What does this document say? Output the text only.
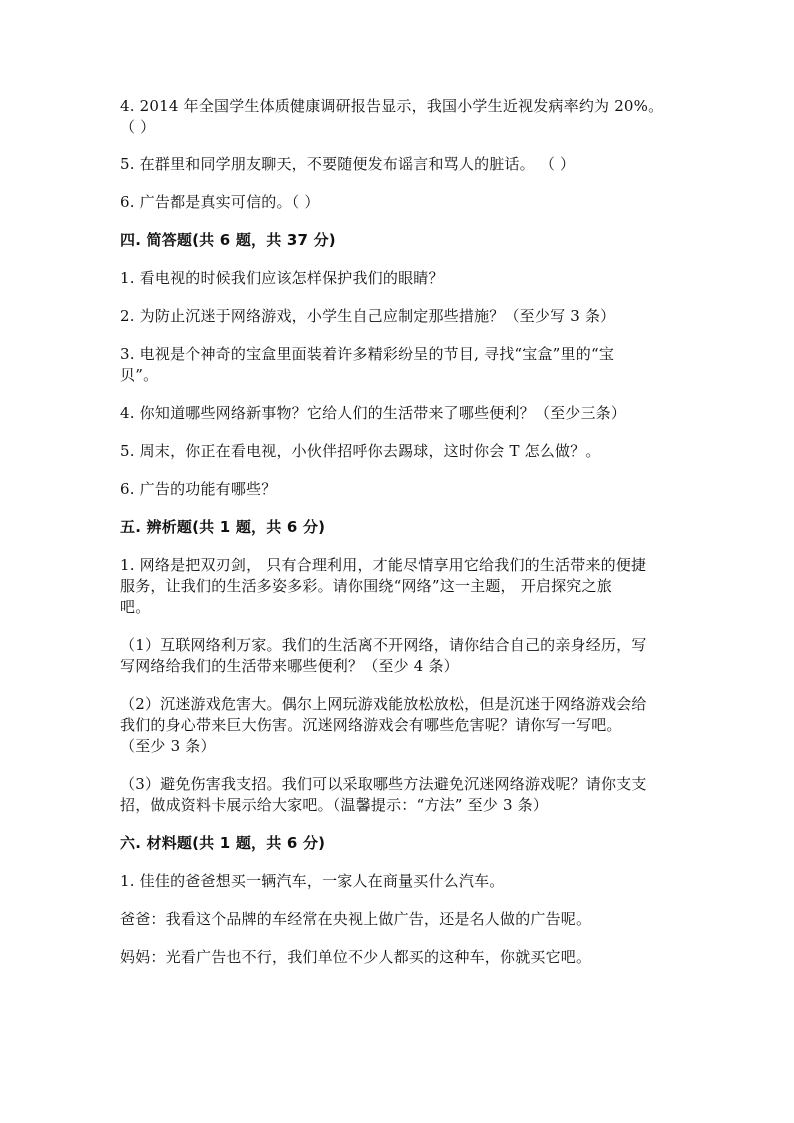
4. 2014 年全国学生体质健康调研报告显示，我国小学生近视发病率约为 20%。
（ ）
5. 在群里和同学朋友聊天，不要随便发布谣言和骂人的脏话。 （ ）
6. 广告都是真实可信的。（ ）
四. 简答题(共 6 题，共 37 分)
1. 看电视的时候我们应该怎样保护我们的眼睛？
2. 为防止沉迷于网络游戏，小学生自己应制定那些措施？（至少写 3 条）
3. 电视是个神奇的宝盒里面装着许多精彩纷呈的节目, 寻找“宝盒”里的“宝
贝”。
4. 你知道哪些网络新事物？它给人们的生活带来了哪些便利？（至少三条）
5. 周末，你正在看电视，小伙伴招呼你去踢球，这时你会 T 怎么做？。
6. 广告的功能有哪些？
五. 辨析题(共 1 题，共 6 分)
1. 网络是把双刃剑， 只有合理利用，才能尽情享用它给我们的生活带来的便捷
服务，让我们的生活多姿多彩。请你围绕“网络”这一主题， 开启探究之旅
吧。
（1）互联网络利万家。我们的生活离不开网络，请你结合自己的亲身经历，写
写网络给我们的生活带来哪些便利？（至少 4 条）
（2）沉迷游戏危害大。偶尔上网玩游戏能放松放松，但是沉迷于网络游戏会给
我们的身心带来巨大伤害。沉迷网络游戏会有哪些危害呢？请你写一写吧。
（至少 3 条）
（3）避免伤害我支招。我们可以采取哪些方法避免沉迷网络游戏呢？请你支支
招，做成资料卡展示给大家吧。（温馨提示：“方法” 至少 3 条）
六. 材料题(共 1 题，共 6 分)
1. 佳佳的爸爸想买一辆汽车，一家人在商量买什么汽车。
爸爸：我看这个品牌的车经常在央视上做广告，还是名人做的广告呢。
妈妈：光看广告也不行，我们单位不少人都买的这种车，你就买它吧。
